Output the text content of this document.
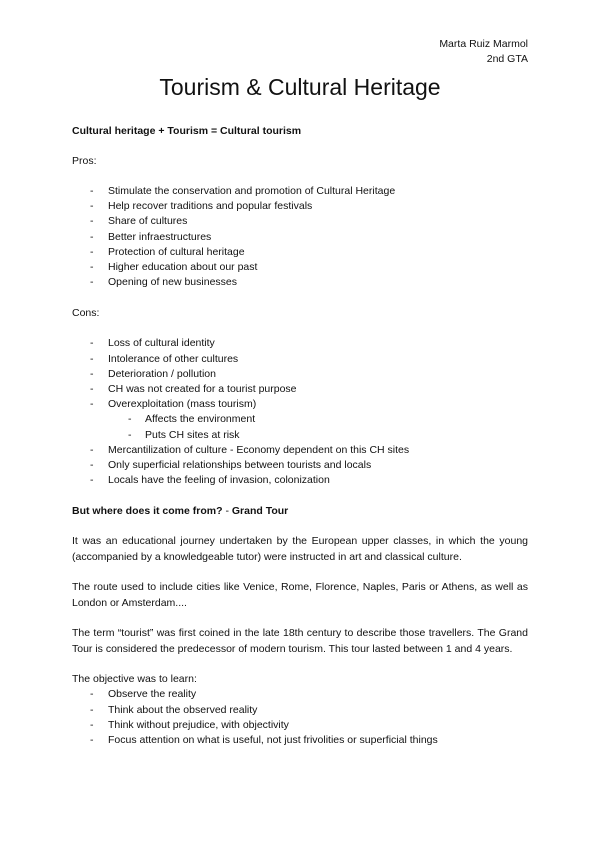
Marta Ruiz Marmol
2nd GTA
Tourism & Cultural Heritage

Cultural heritage + Tourism = Cultural tourism

Pros:

- Stimulate the conservation and promotion of Cultural Heritage
- Help recover traditions and popular festivals
- Share of cultures
- Better infraestructures
- Protection of cultural heritage
- Higher education about our past
- Opening of new businesses

Cons:

- Loss of cultural identity
- Intolerance of other cultures
- Deterioration / pollution
- CH was not created for a tourist purpose
- Overexploitation (mass tourism)
- Affects the environment
- Puts CH sites at risk
- Mercantilization of culture - Economy dependent on this CH sites
- Only superficial relationships between tourists and locals
- Locals have the feeling of invasion, colonization

But where does it come from? - Grand Tour

It was an educational journey undertaken by the European upper classes, in which the young (accompanied by a knowledgeable tutor) were instructed in art and classical culture.

The route used to include cities like Venice, Rome, Florence, Naples, Paris or Athens, as well as London or Amsterdam....

The term “tourist” was first coined in the late 18th century to describe those travellers. The Grand Tour is considered the predecessor of modern tourism. This tour lasted between 1 and 4 years.

The objective was to learn:

- Observe the reality
- Think about the observed reality
- Think without prejudice, with objectivity
- Focus attention on what is useful, not just frivolities or superficial things
